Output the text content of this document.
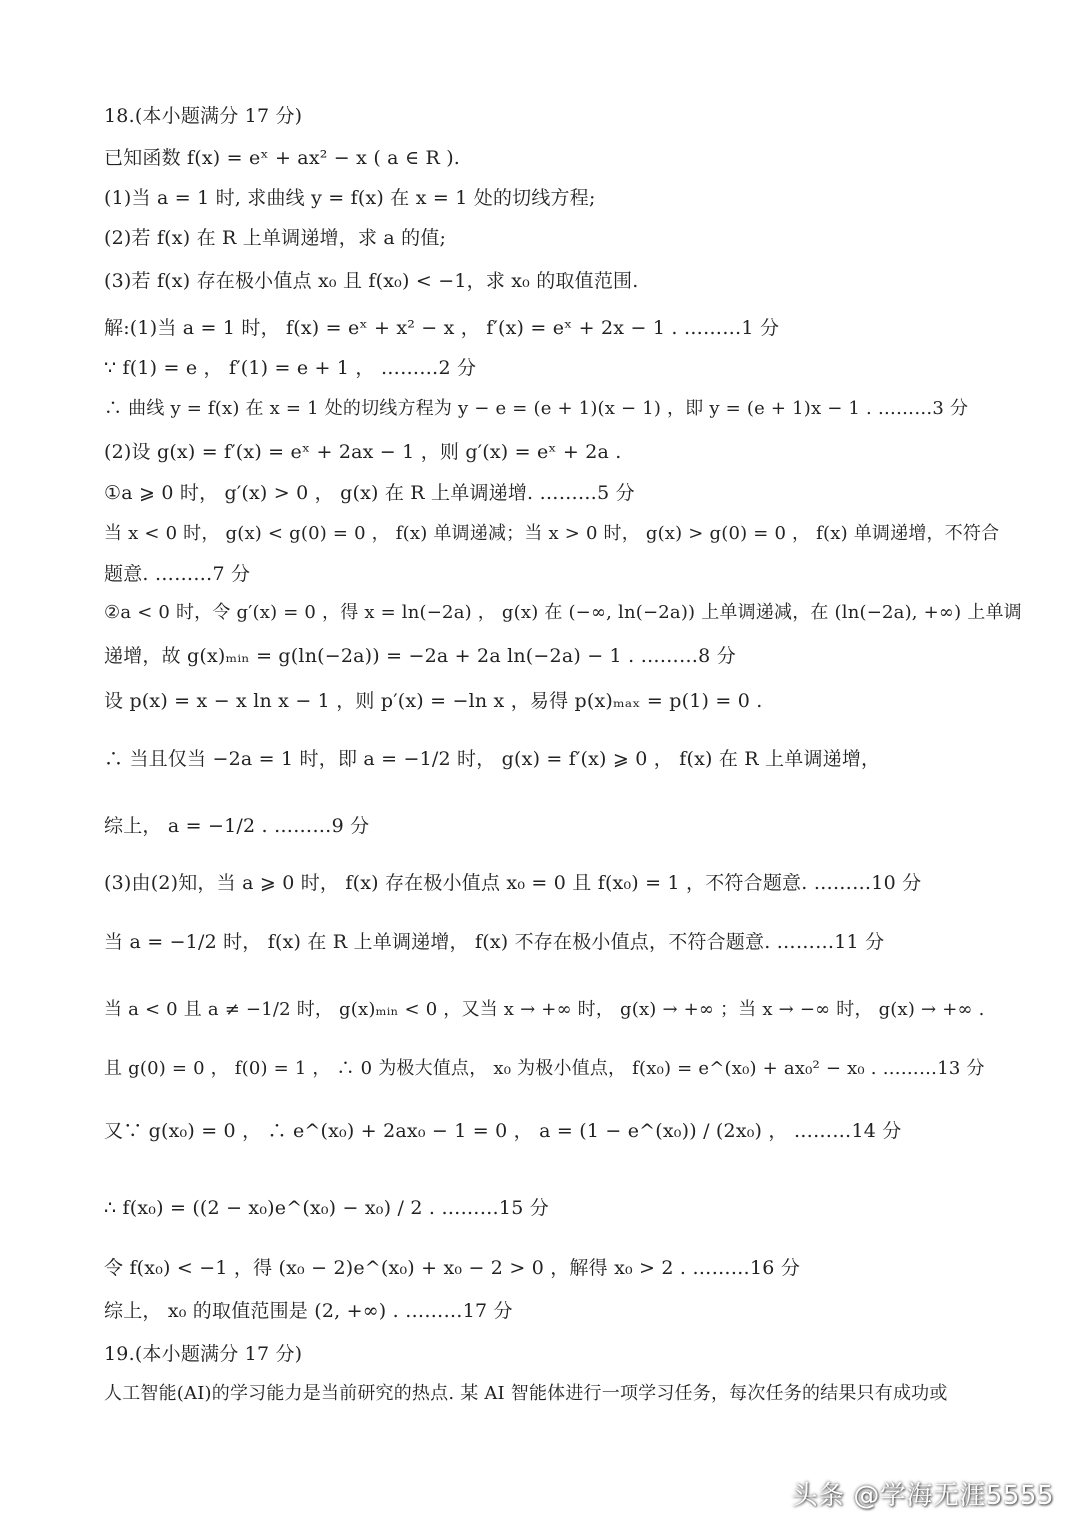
18.(本小题满分 17 分)
已知函数 f(x) = eˣ + ax² − x ( a ∈ R ).
(1)当 a = 1 时, 求曲线 y = f(x) 在 x = 1 处的切线方程;
(2)若 f(x) 在 R 上单调递增，求 a 的值;
(3)若 f(x) 存在极小值点 x₀ 且 f(x₀) < −1，求 x₀ 的取值范围.
解:(1)当 a = 1 时， f(x) = eˣ + x² − x ， f′(x) = eˣ + 2x − 1 . ………1 分
∵ f(1) = e ， f′(1) = e + 1 ， ………2 分
∴ 曲线 y = f(x) 在 x = 1 处的切线方程为 y − e = (e + 1)(x − 1) ，即 y = (e + 1)x − 1 . ………3 分
(2)设 g(x) = f′(x) = eˣ + 2ax − 1 ，则 g′(x) = eˣ + 2a .
①a ⩾ 0 时， g′(x) > 0 ， g(x) 在 R 上单调递增. ………5 分
当 x < 0 时， g(x) < g(0) = 0 ， f(x) 单调递减；当 x > 0 时， g(x) > g(0) = 0 ， f(x) 单调递增，不符合
题意. ………7 分
②a < 0 时，令 g′(x) = 0 ，得 x = ln(−2a) ， g(x) 在 (−∞, ln(−2a)) 上单调递减，在 (ln(−2a), +∞) 上单调
递增，故 g(x)ₘᵢₙ = g(ln(−2a)) = −2a + 2a ln(−2a) − 1 . ………8 分
设 p(x) = x − x ln x − 1 ，则 p′(x) = −ln x ，易得 p(x)ₘₐₓ = p(1) = 0 .
∴ 当且仅当 −2a = 1 时，即 a = −1/2 时， g(x) = f′(x) ⩾ 0 ， f(x) 在 R 上单调递增，
综上， a = −1/2 . ………9 分
(3)由(2)知，当 a ⩾ 0 时， f(x) 存在极小值点 x₀ = 0 且 f(x₀) = 1 ，不符合题意. ………10 分
当 a = −1/2 时， f(x) 在 R 上单调递增， f(x) 不存在极小值点，不符合题意. ………11 分
当 a < 0 且 a ≠ −1/2 时， g(x)ₘᵢₙ < 0 ，又当 x → +∞ 时， g(x) → +∞ ；当 x → −∞ 时， g(x) → +∞ .
且 g(0) = 0 ， f(0) = 1 ， ∴ 0 为极大值点， x₀ 为极小值点， f(x₀) = e^(x₀) + ax₀² − x₀ . ………13 分
又∵ g(x₀) = 0 ， ∴ e^(x₀) + 2ax₀ − 1 = 0 ， a = (1 − e^(x₀)) / (2x₀) ， ………14 分
∴ f(x₀) = ((2 − x₀)e^(x₀) − x₀) / 2 . ………15 分
令 f(x₀) < −1 ，得 (x₀ − 2)e^(x₀) + x₀ − 2 > 0 ，解得 x₀ > 2 . ………16 分
综上， x₀ 的取值范围是 (2, +∞) . ………17 分
19.(本小题满分 17 分)
人工智能(AI)的学习能力是当前研究的热点. 某 AI 智能体进行一项学习任务，每次任务的结果只有成功或
头条 @学海无涯5555
